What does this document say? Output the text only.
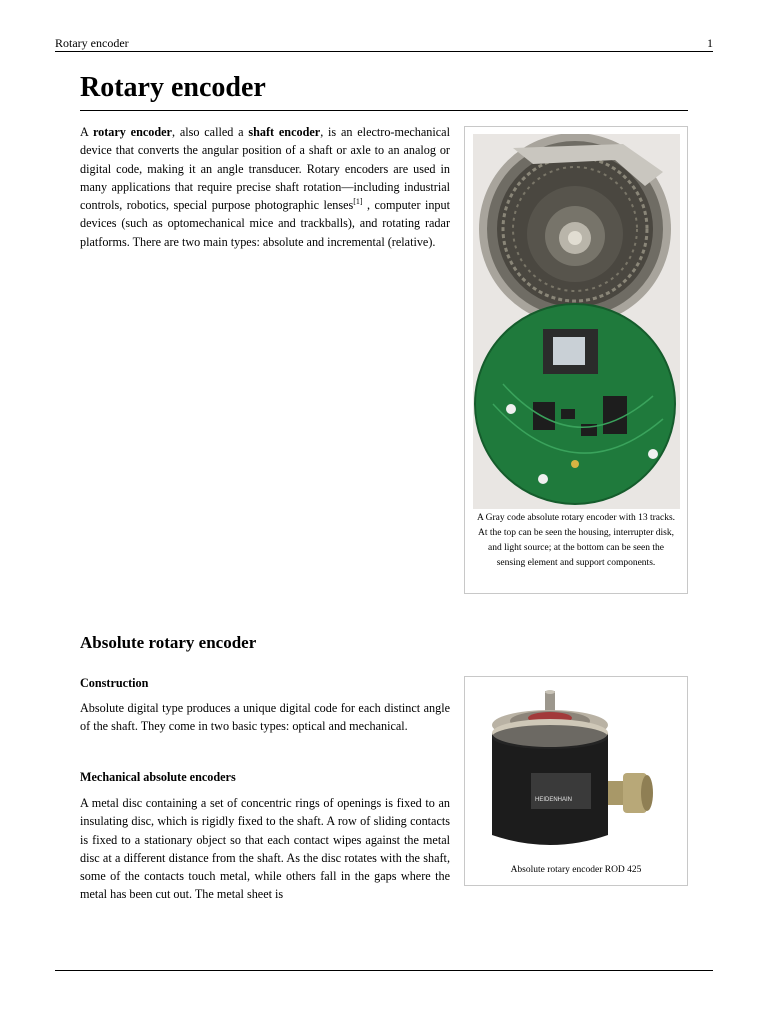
Rotary encoder	1
Rotary encoder

A rotary encoder, also called a shaft encoder, is an electro-mechanical device that converts the angular position of a shaft or axle to an analog or digital code, making it an angle transducer. Rotary encoders are used in many applications that require precise shaft rotation—including industrial controls, robotics, special purpose photographic lenses[1] , computer input devices (such as optomechanical mice and trackballs), and rotating radar platforms. There are two main types: absolute and incremental (relative).

Absolute rotary encoder
Construction

Absolute digital type produces a unique digital code for each distinct angle of the shaft. They come in two basic types: optical and mechanical.

Mechanical absolute encoders

A metal disc containing a set of concentric rings of openings is fixed to an insulating disc, which is rigidly fixed to the shaft. A row of sliding contacts is fixed to a stationary object so that each contact wipes against the metal disc at a different distance from the shaft. As the disc rotates with the shaft, some of the contacts touch metal, while others fall in the gaps where the metal has been cut out. The metal sheet is

A Gray code absolute rotary encoder with 13 tracks. At the top can be seen the housing, interrupter disk, and light source; at the bottom can be seen the sensing element and support components.
HEIDENHAIN
Absolute rotary encoder ROD 425
